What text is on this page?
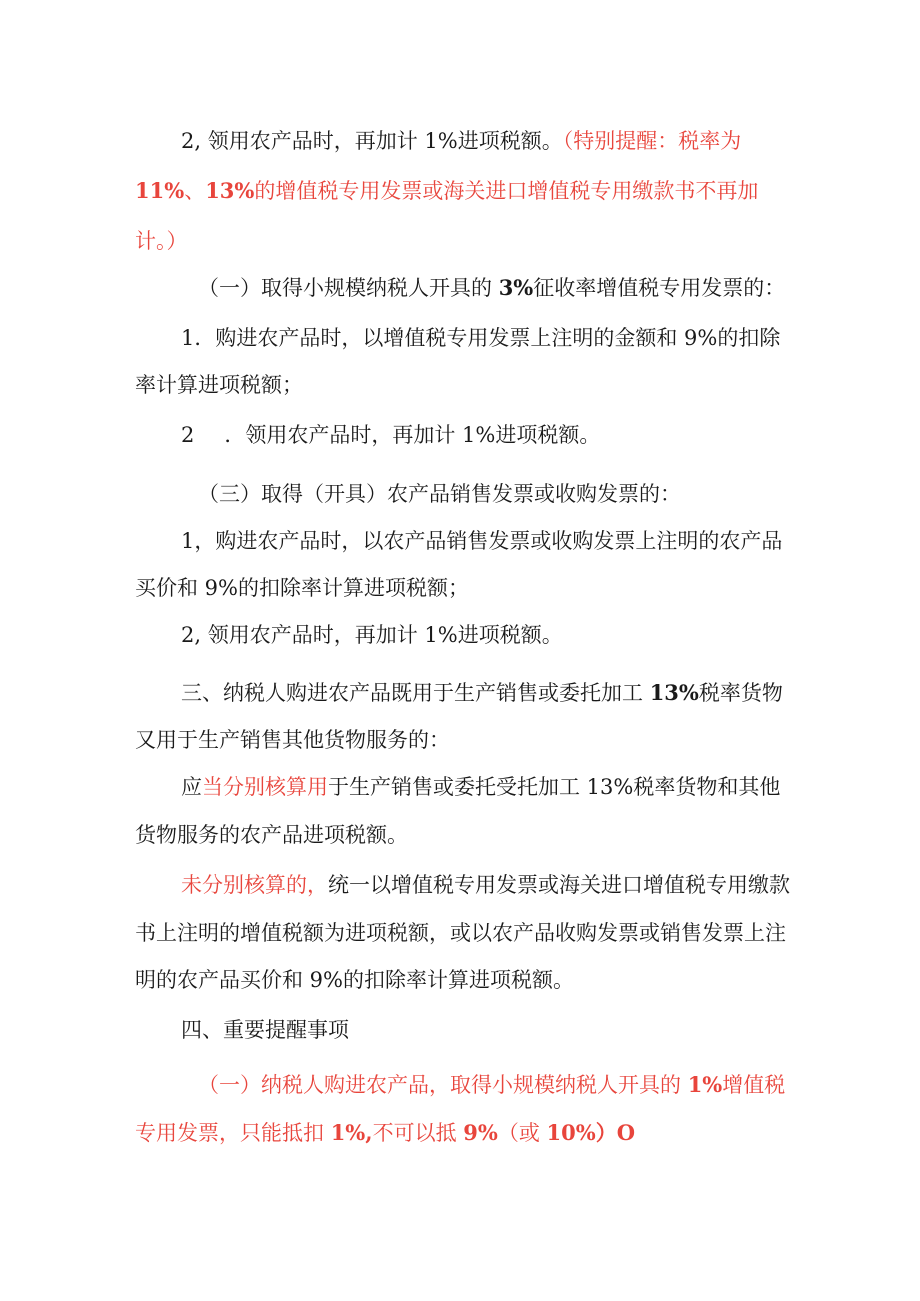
2, 领用农产品时，再加计 1%进项税额。（特别提醒：税率为
11%、13%的增值税专用发票或海关进口增值税专用缴款书不再加
计。）
（一）取得小规模纳税人开具的 3%征收率增值税专用发票的：
1．购进农产品时，以增值税专用发票上注明的金额和 9%的扣除
率计算进项税额；
2 ．领用农产品时，再加计 1%进项税额。
（三）取得（开具）农产品销售发票或收购发票的：
1，购进农产品时，以农产品销售发票或收购发票上注明的农产品
买价和 9%的扣除率计算进项税额；
2, 领用农产品时，再加计 1%进项税额。
三、纳税人购进农产品既用于生产销售或委托加工 13%税率货物
又用于生产销售其他货物服务的：
应当分别核算用于生产销售或委托受托加工 13%税率货物和其他
货物服务的农产品进项税额。
未分别核算的，统一以增值税专用发票或海关进口增值税专用缴款
书上注明的增值税额为进项税额，或以农产品收购发票或销售发票上注
明的农产品买价和 9%的扣除率计算进项税额。
四、重要提醒事项
（一）纳税人购进农产品，取得小规模纳税人开具的 1%增值税
专用发票，只能抵扣 1%,不可以抵 9%（或 10%）O
